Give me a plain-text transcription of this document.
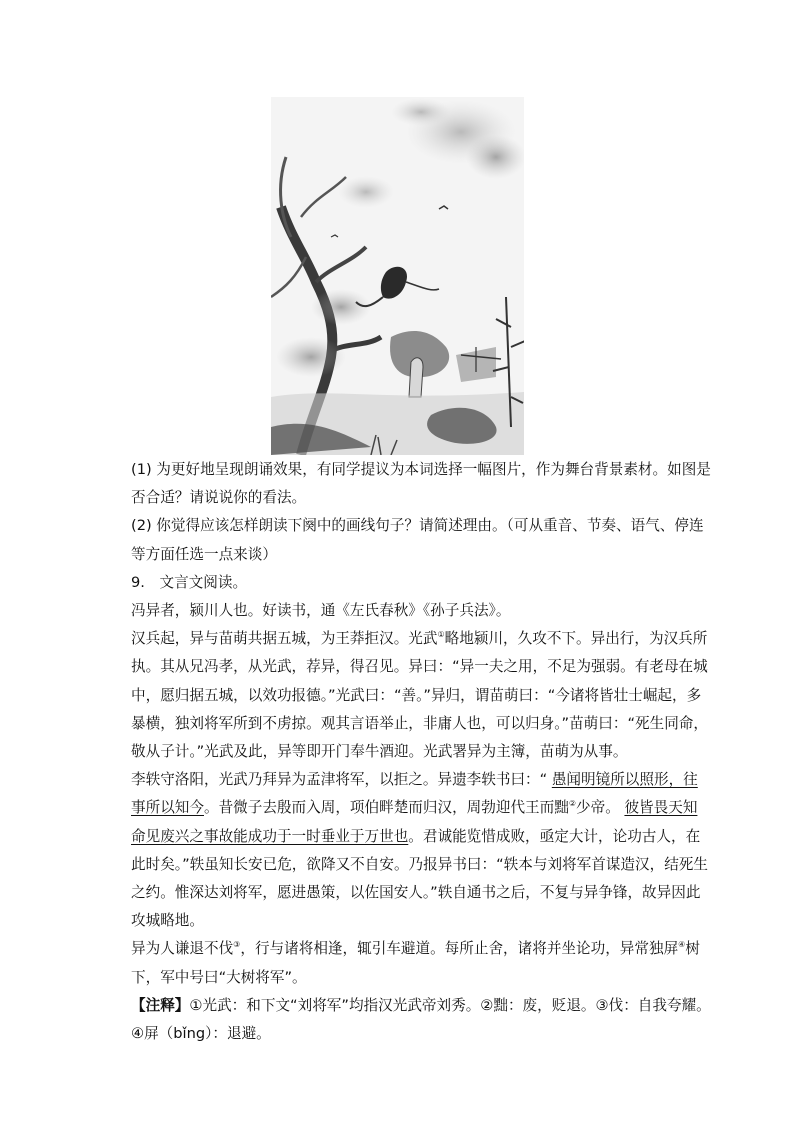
(1) 为更好地呈现朗诵效果，有同学提议为本词选择一幅图片，作为舞台背景素材。如图是否合适？请说说你的看法。

(2) 你觉得应该怎样朗读下阕中的画线句子？请简述理由。（可从重音、节奏、语气、停连等方面任选一点来谈）

9.　文言文阅读。

冯异者，颍川人也。好读书，通《左氏春秋》《孙子兵法》。

汉兵起，异与苗萌共据五城，为王莽拒汉。光武①略地颍川，久攻不下。异出行，为汉兵所执。其从兄冯孝，从光武，荐异，得召见。异曰：“异一夫之用，不足为强弱。有老母在城中，愿归据五城，以效功报德。”光武曰：“善。”异归，谓苗萌曰：“今诸将皆壮士崛起，多暴横，独刘将军所到不虏掠。观其言语举止，非庸人也，可以归身。”苗萌曰：“死生同命，敬从子计。”光武及此，异等即开门奉牛酒迎。光武署异为主簿，苗萌为从事。

李轶守洛阳，光武乃拜异为孟津将军，以拒之。异遗李轶书曰：“ 愚闻明镜所以照形，往事所以知今。昔微子去殷而入周，项伯畔楚而归汉，周勃迎代王而黜②少帝。 彼皆畏天知命见废兴之事故能成功于一时垂业于万世也。君诚能览惜成败，亟定大计，论功古人，在此时矣。”轶虽知长安已危，欲降又不自安。乃报异书曰：“轶本与刘将军首谋造汉，结死生之约。惟深达刘将军，愿进愚策，以佐国安人。”轶自通书之后，不复与异争锋，故异因此攻城略地。

异为人谦退不伐③，行与诸将相逢，辄引车避道。每所止舍，诸将并坐论功，异常独屏④树下，军中号曰“大树将军”。

【注释】①光武：和下文“刘将军”均指汉光武帝刘秀。②黜：废，贬退。③伐：自我夸耀。④屏（bǐng）：退避。
